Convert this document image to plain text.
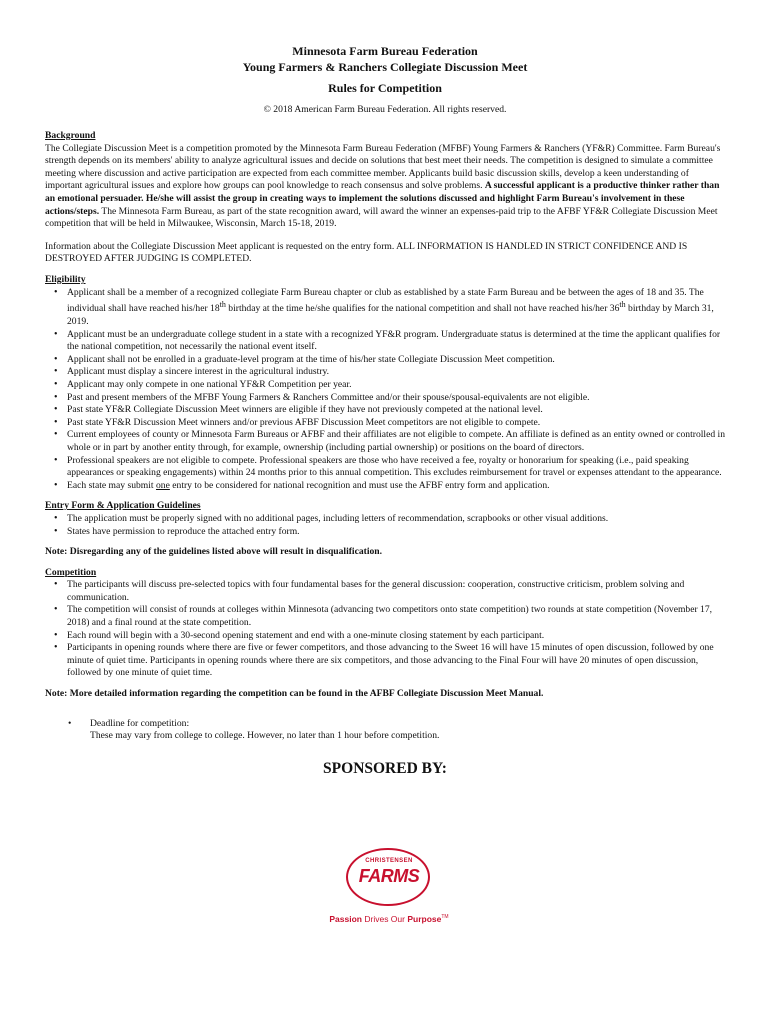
Minnesota Farm Bureau Federation
Young Farmers & Ranchers Collegiate Discussion Meet
Rules for Competition
© 2018 American Farm Bureau Federation. All rights reserved.
Background

The Collegiate Discussion Meet is a competition promoted by the Minnesota Farm Bureau Federation (MFBF) Young Farmers & Ranchers (YF&R) Committee. Farm Bureau's strength depends on its members' ability to analyze agricultural issues and decide on solutions that best meet their needs. The competition is designed to simulate a committee meeting where discussion and active participation are expected from each committee member. Applicants build basic discussion skills, develop a keen understanding of important agricultural issues and explore how groups can pool knowledge to reach consensus and solve problems. A successful applicant is a productive thinker rather than an emotional persuader. He/she will assist the group in creating ways to implement the solutions discussed and highlight Farm Bureau's involvement in these actions/steps. The Minnesota Farm Bureau, as part of the state recognition award, will award the winner an expenses-paid trip to the AFBF YF&R Collegiate Discussion Meet competition that will be held in Milwaukee, Wisconsin, March 15-18, 2019.

Information about the Collegiate Discussion Meet applicant is requested on the entry form. ALL INFORMATION IS HANDLED IN STRICT CONFIDENCE AND IS DESTROYED AFTER JUDGING IS COMPLETED.

Eligibility
• Applicant shall be a member of a recognized collegiate Farm Bureau chapter or club as established by a state Farm Bureau and be between the ages of 18 and 35. The individual shall have reached his/her 18th birthday at the time he/she qualifies for the national competition and shall not have reached his/her 36th birthday by March 31, 2019.
• Applicant must be an undergraduate college student in a state with a recognized YF&R program. Undergraduate status is determined at the time the applicant qualifies for the national competition, not necessarily the national event itself.
• Applicant shall not be enrolled in a graduate-level program at the time of his/her state Collegiate Discussion Meet competition.
• Applicant must display a sincere interest in the agricultural industry.
• Applicant may only compete in one national YF&R Competition per year.
• Past and present members of the MFBF Young Farmers & Ranchers Committee and/or their spouse/spousal-equivalents are not eligible.
• Past state YF&R Collegiate Discussion Meet winners are eligible if they have not previously competed at the national level.
• Past state YF&R Discussion Meet winners and/or previous AFBF Discussion Meet competitors are not eligible to compete.
• Current employees of county or Minnesota Farm Bureaus or AFBF and their affiliates are not eligible to compete. An affiliate is defined as an entity owned or controlled in whole or in part by another entity through, for example, ownership (including partial ownership) or positions on the board of directors.
• Professional speakers are not eligible to compete. Professional speakers are those who have received a fee, royalty or honorarium for speaking (i.e., paid speaking appearances or speaking engagements) within 24 months prior to this annual competition. This excludes reimbursement for travel or expenses attendant to the appearance.
• Each state may submit one entry to be considered for national recognition and must use the AFBF entry form and application.
Entry Form & Application Guidelines
• The application must be properly signed with no additional pages, including letters of recommendation, scrapbooks or other visual additions.
• States have permission to reproduce the attached entry form.

Note: Disregarding any of the guidelines listed above will result in disqualification.

Competition
• The participants will discuss pre-selected topics with four fundamental bases for the general discussion: cooperation, constructive criticism, problem solving and communication.
• The competition will consist of rounds at colleges within Minnesota (advancing two competitors onto state competition) two rounds at state competition (November 17, 2018) and a final round at the state competition.
• Each round will begin with a 30-second opening statement and end with a one-minute closing statement by each participant.
• Participants in opening rounds where there are five or fewer competitors, and those advancing to the Sweet 16 will have 15 minutes of open discussion, followed by one minute of quiet time. Participants in opening rounds where there are six competitors, and those advancing to the Final Four will have 20 minutes of open discussion, followed by one minute of quiet time.

Note: More detailed information regarding the competition can be found in the AFBF Collegiate Discussion Meet Manual.

• Deadline for competition:
These may vary from college to college. However, no later than 1 hour before competition.
SPONSORED BY:
CHRISTENSEN
FARMS
Passion Drives Our Purpose™
